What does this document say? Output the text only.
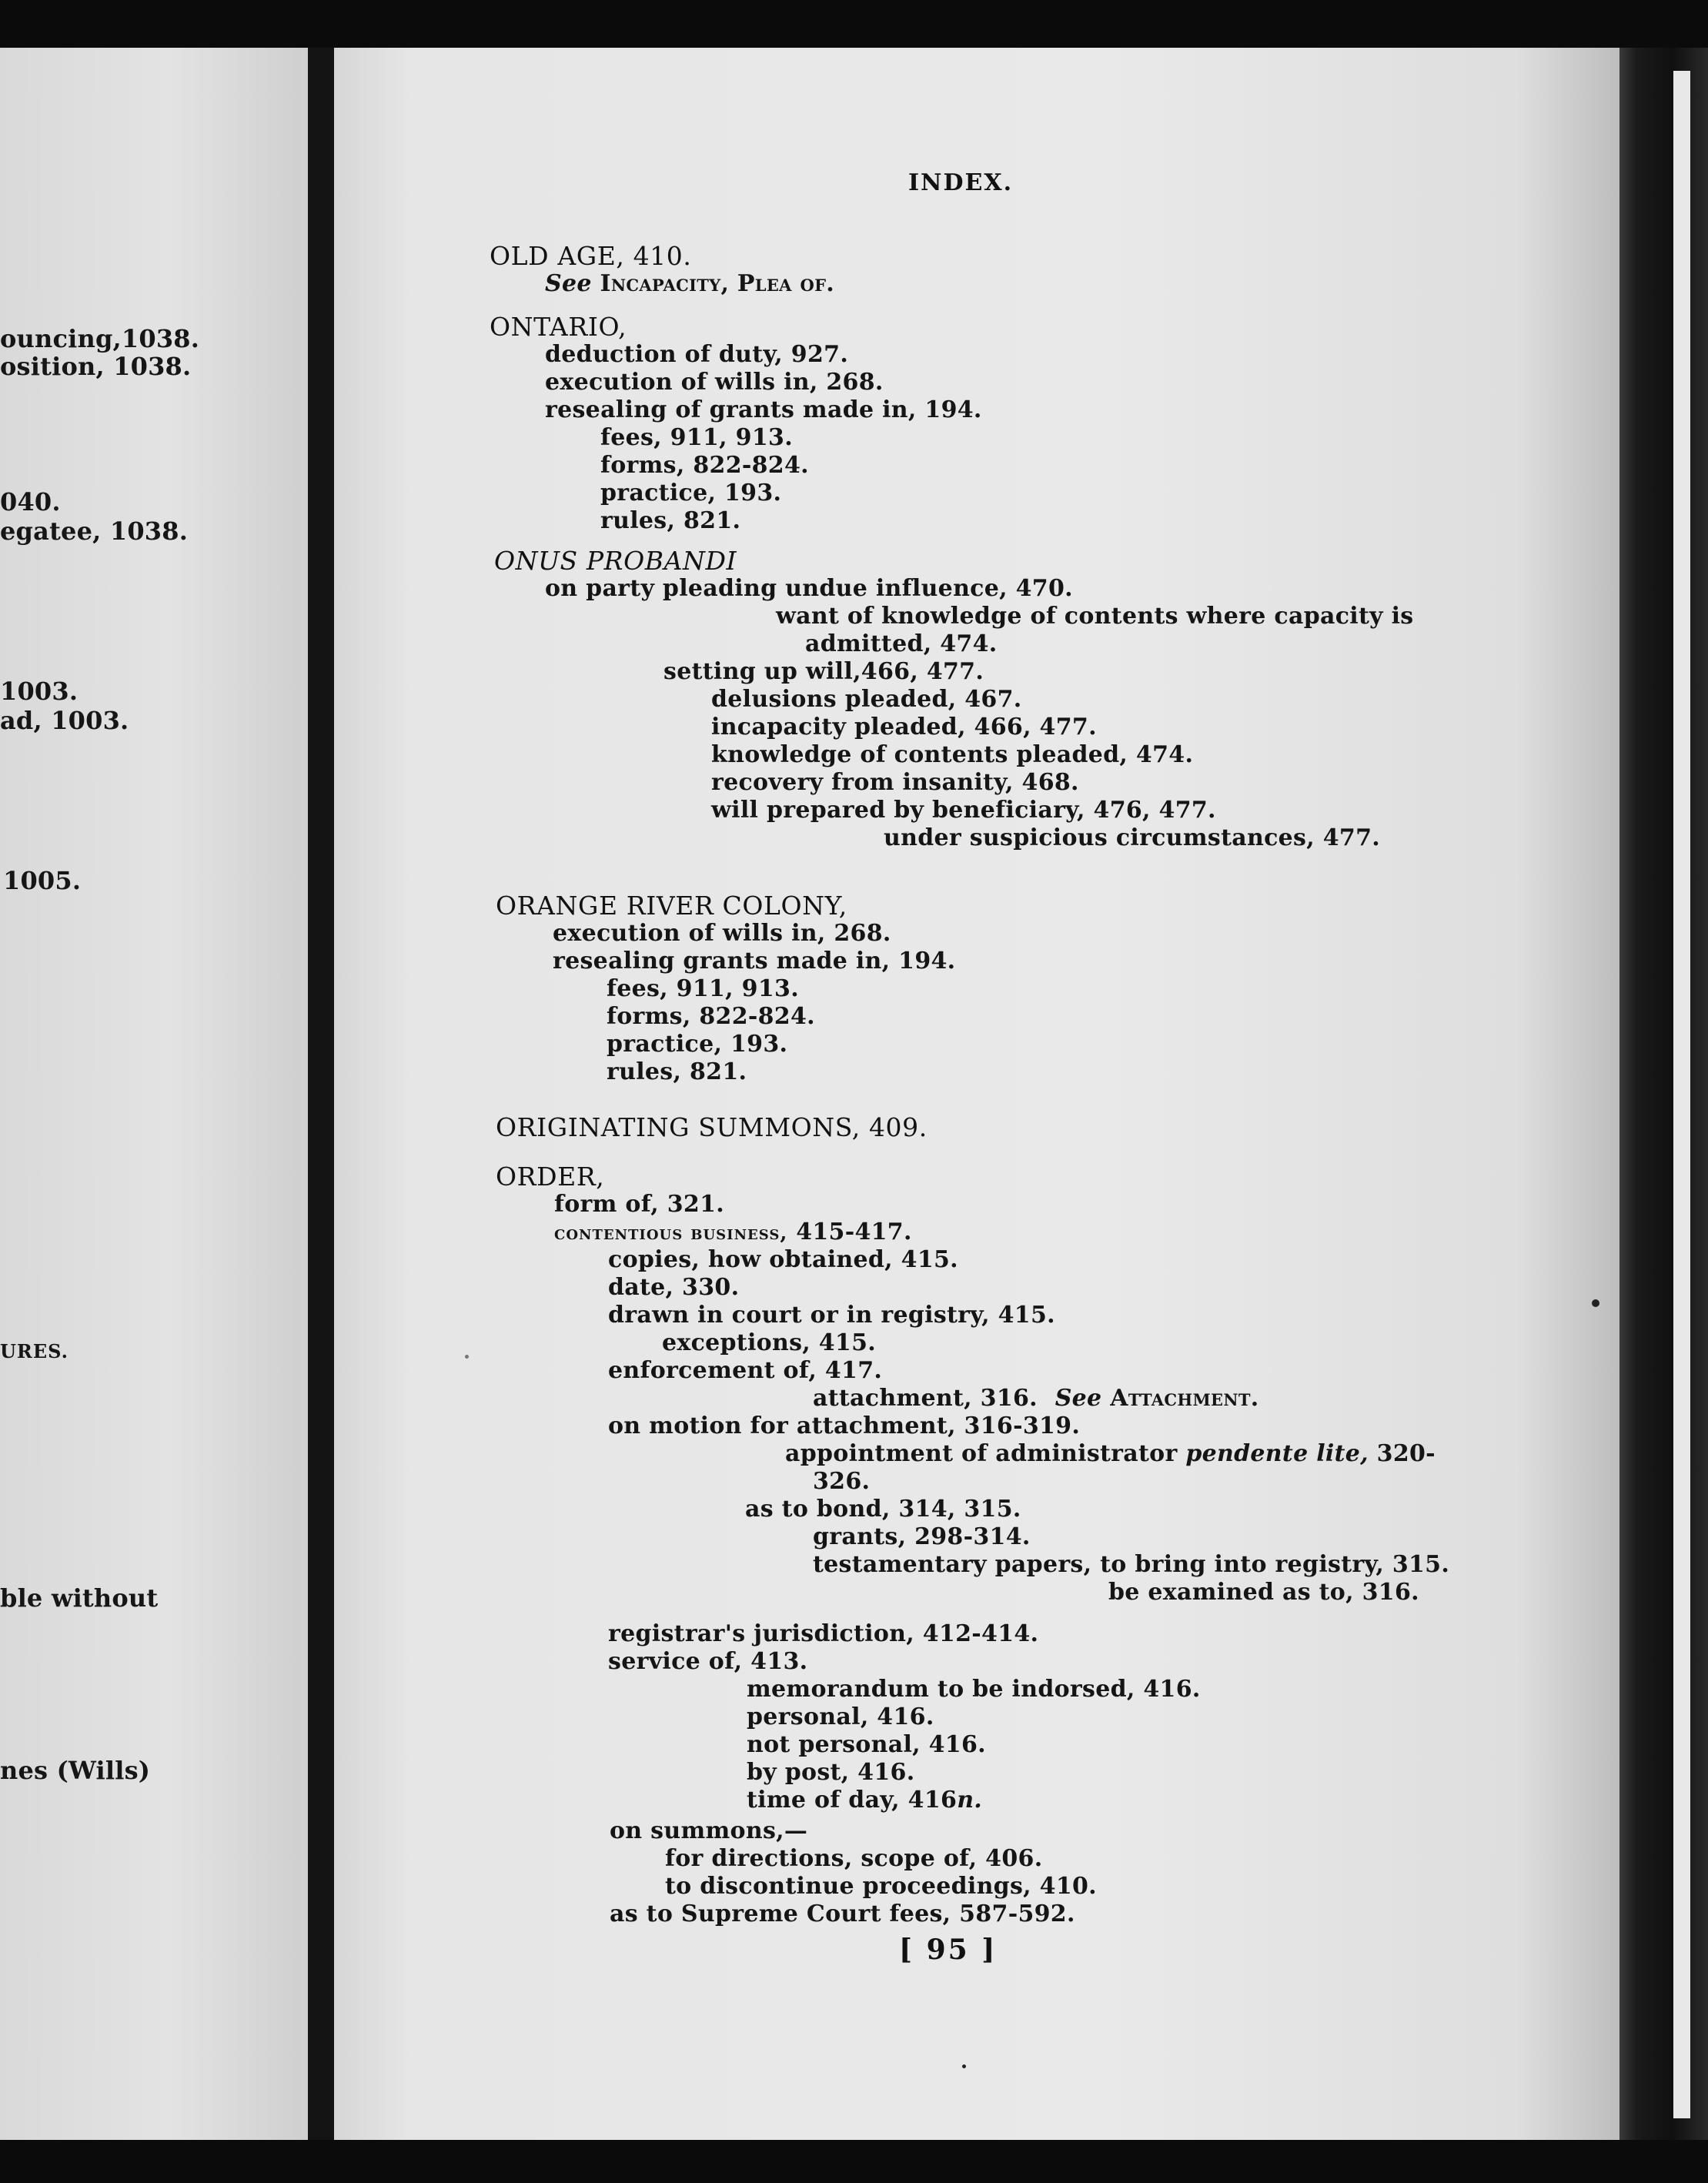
ouncing,1038.
osition, 1038.
040.
egatee, 1038.
1003.
ad, 1003.
1005.
URES.
ble without
nes (Wills)
INDEX.
OLD AGE, 410.
See Incapacity, Plea of.
ONTARIO,
deduction of duty, 927.
execution of wills in, 268.
resealing of grants made in, 194.
fees, 911, 913.
forms, 822-824.
practice, 193.
rules, 821.
ONUS PROBANDI
on party pleading undue influence, 470.
want of knowledge of contents where capacity is
admitted, 474.
setting up will,466, 477.
delusions pleaded, 467.
incapacity pleaded, 466, 477.
knowledge of contents pleaded, 474.
recovery from insanity, 468.
will prepared by beneficiary, 476, 477.
under suspicious circumstances, 477.
ORANGE RIVER COLONY,
execution of wills in, 268.
resealing grants made in, 194.
fees, 911, 913.
forms, 822-824.
practice, 193.
rules, 821.
ORIGINATING SUMMONS, 409.
ORDER,
form of, 321.
contentious business, 415-417.
copies, how obtained, 415.
date, 330.
drawn in court or in registry, 415.
exceptions, 415.
enforcement of, 417.
attachment, 316. See Attachment.
on motion for attachment, 316-319.
appointment of administrator pendente lite, 320-
326.
as to bond, 314, 315.
grants, 298-314.
testamentary papers, to bring into registry, 315.
be examined as to, 316.
registrar's jurisdiction, 412-414.
service of, 413.
memorandum to be indorsed, 416.
personal, 416.
not personal, 416.
by post, 416.
time of day, 416n.
on summons,—
for directions, scope of, 406.
to discontinue proceedings, 410.
as to Supreme Court fees, 587-592.
[ 95 ]
